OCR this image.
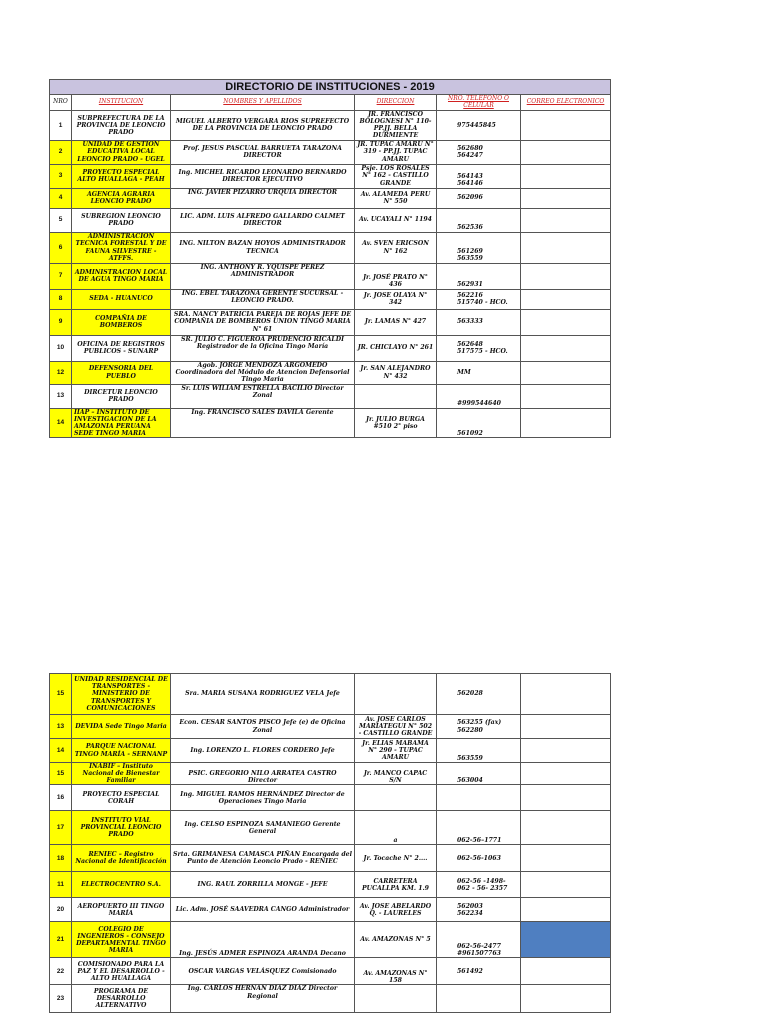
DIRECTORIO DE INSTITUCIONES - 2019					
NRO	INSTITUCION	NOMBRES Y APELLIDOS	DIRECCION	NRO. TELEFONO O CELULAR	CORREO ELECTRONICO
1	SUBPREFECTURA DE LA PROVINCIA DE LEONCIO PRADO	MIGUEL ALBERTO VERGARA RIOS SUPREFECTO DE LA PROVINCIA DE LEONCIO PRADO	JR. FRANCISCO BOLOGNESI N° 110-PP.JJ. BELLA DURMIENTE	975445845	
2	UNIDAD DE GESTION EDUCATIVA LOCAL LEONCIO PRADO - UGEL	Prof. JESUS PASCUAL BARRUETA TARAZONA DIRECTOR	JR. TUPAC AMARU N° 319 - PP.JJ. TUPAC AMARU	562680
564247	
3	PROYECTO ESPECIAL ALTO HUALLAGA - PEAH	Ing. MICHEL RICARDO LEONARDO BERNARDO DIRECTOR EJECUTIVO	Psje. LOS ROSALES N° 162 - CASTILLO GRANDE	564143
564146	
4	AGENCIA AGRARIA LEONCIO PRADO	ING. JAVIER PIZARRO URQUIA DIRECTOR	Av. ALAMEDA PERU N° 550	562096	
5	SUBREGION LEONCIO PRADO	LIC. ADM. LUIS ALFREDO GALLARDO CALMET DIRECTOR	Av. UCAYALI N° 1194	562536	
6	ADMINISTRACIÓN TECNICA FORESTAL Y DE FAUNA SILVESTRE - ATFFS.	ING. NILTON BAZAN HOYOS ADMINISTRADOR TECNICA	Av. SVEN ERICSON N° 162	561269
563559	
7	ADMINISTRACION LOCAL DE AGUA TINGO MARIA	ING. ANTHONY R. YQUISPE PEREZ ADMINISTRADOR	Jr. JOSÉ PRATO N° 436	562931	
8	SEDA - HUANUCO	ING. EBEL TARAZONA GERENTE SUCURSAL - LEONCIO PRADO.	Jr. JOSE OLAYA N° 342	562216
515740 - HCO.	
9	COMPAÑIA DE BOMBEROS	SRA. NANCY PATRICIA PAREJA DE ROJAS JEFE DE COMPAÑIA DE BOMBEROS UNION TINGO MARIA N° 61	Jr. LAMAS N° 427	563333	
10	OFICINA DE REGISTROS PUBLICOS - SUNARP	SR. JULIO C. FIGUEROA PRUDENCIO RICALDI Registrador de la Oficina Tingo María	JR. CHICLAYO N° 261	562648
517575 - HCO.	
12	DEFENSORIA DEL PUEBLO	Agob. JORGE MENDOZA ARGOMEDO Coordinadora del Módulo de Atencion Defensorial Tingo Maria	Jr. SAN ALEJANDRO N° 432	MM	
13	DIRCETUR LEONCIO PRADO	Sr. LUIS WILIAM ESTRELLA BACILIO Director Zonal		#999544640	
14	IIAP – INSTITUTO DE INVESTIGACION DE LA AMAZONIA PERUANA SEDE TINGO MARIA	Ing. FRANCISCO SALES DÁVILA Gerente	Jr. JULIO BURGA #510 2° piso	561092	
15	UNIDAD RESIDENCIAL DE TRANSPORTES - MINISTERIO DE TRANSPORTES Y COMUNICACIONES	Sra. MARIA SUSANA RODRIGUEZ VELA Jefe		562028	
13	DEVIDA Sede Tingo Maria	Econ. CESAR SANTOS PISCO Jefe (e) de Oficina Zonal	Av. JOSE CARLOS MARIATEGUI N° 502 - CASTILLO GRANDE	563255 (fax)
562280	
14	PARQUE NACIONAL TINGO MARÍA - SERNANP	Ing. LORENZO L. FLORES CORDERO Jefe	Jr. ELIAS MABAMA N° 290 - TUPAC AMARU	563559	
15	INABIF – Instituto Nacional de Bienestar Familiar	PSIC. GREGORIO NILO ARRATEA CASTRO Director	Jr. MANCO CAPAC S/N	563004	
16	PROYECTO ESPECIAL CORAH	Ing. MIGUEL RAMOS HERNÁNDEZ Director de Operaciones Tingo Maria			
17	INSTITUTO VIAL PROVINCIAL LEONCIO PRADO	Ing. CELSO ESPINOZA SAMANIEGO Gerente General	a	062-56–1771	
18	RENIEC – Registro Nacional de Identificación	Srta. GRIMANESA CAMASCA PIÑAN Encargada del Punto de Atención Leoncio Prado - RENIEC	Jr. Tocache N° 2....	062-56-1063	
11	ELECTROCENTRO S.A.	ING. RAUL ZORRILLA MONGE - JEFE	CARRETERA PUCALLPA KM. 1.9	062-56 -1498-
062 - 56- 2357	
20	AEROPUERTO III TINGO MARÍA	Lic. Adm. JOSÉ SAAVEDRA CANGO Administrador	Av. JOSE ABELARDO Q. - LAURELES	562003
562234	
21	COLEGIO DE INGENIEROS - CONSEJO DEPARTAMENTAL TINGO MARIA	Ing. JESÚS ADMER ESPINOZA ARANDA Decano	Av. AMAZONAS N° 5	062-56-2477
#961507763	
22	COMISIONADO PARA LA PAZ Y EL DESARROLLO - ALTO HUALLAGA	OSCAR VARGAS VELÁSQUEZ Comisionado	Av. AMAZONAS N° 158	561492	
23	PROGRAMA DE DESARROLLO ALTERNATIVO	Ing. CARLOS HERNÁN DÍAZ DÍAZ Director Regional			
